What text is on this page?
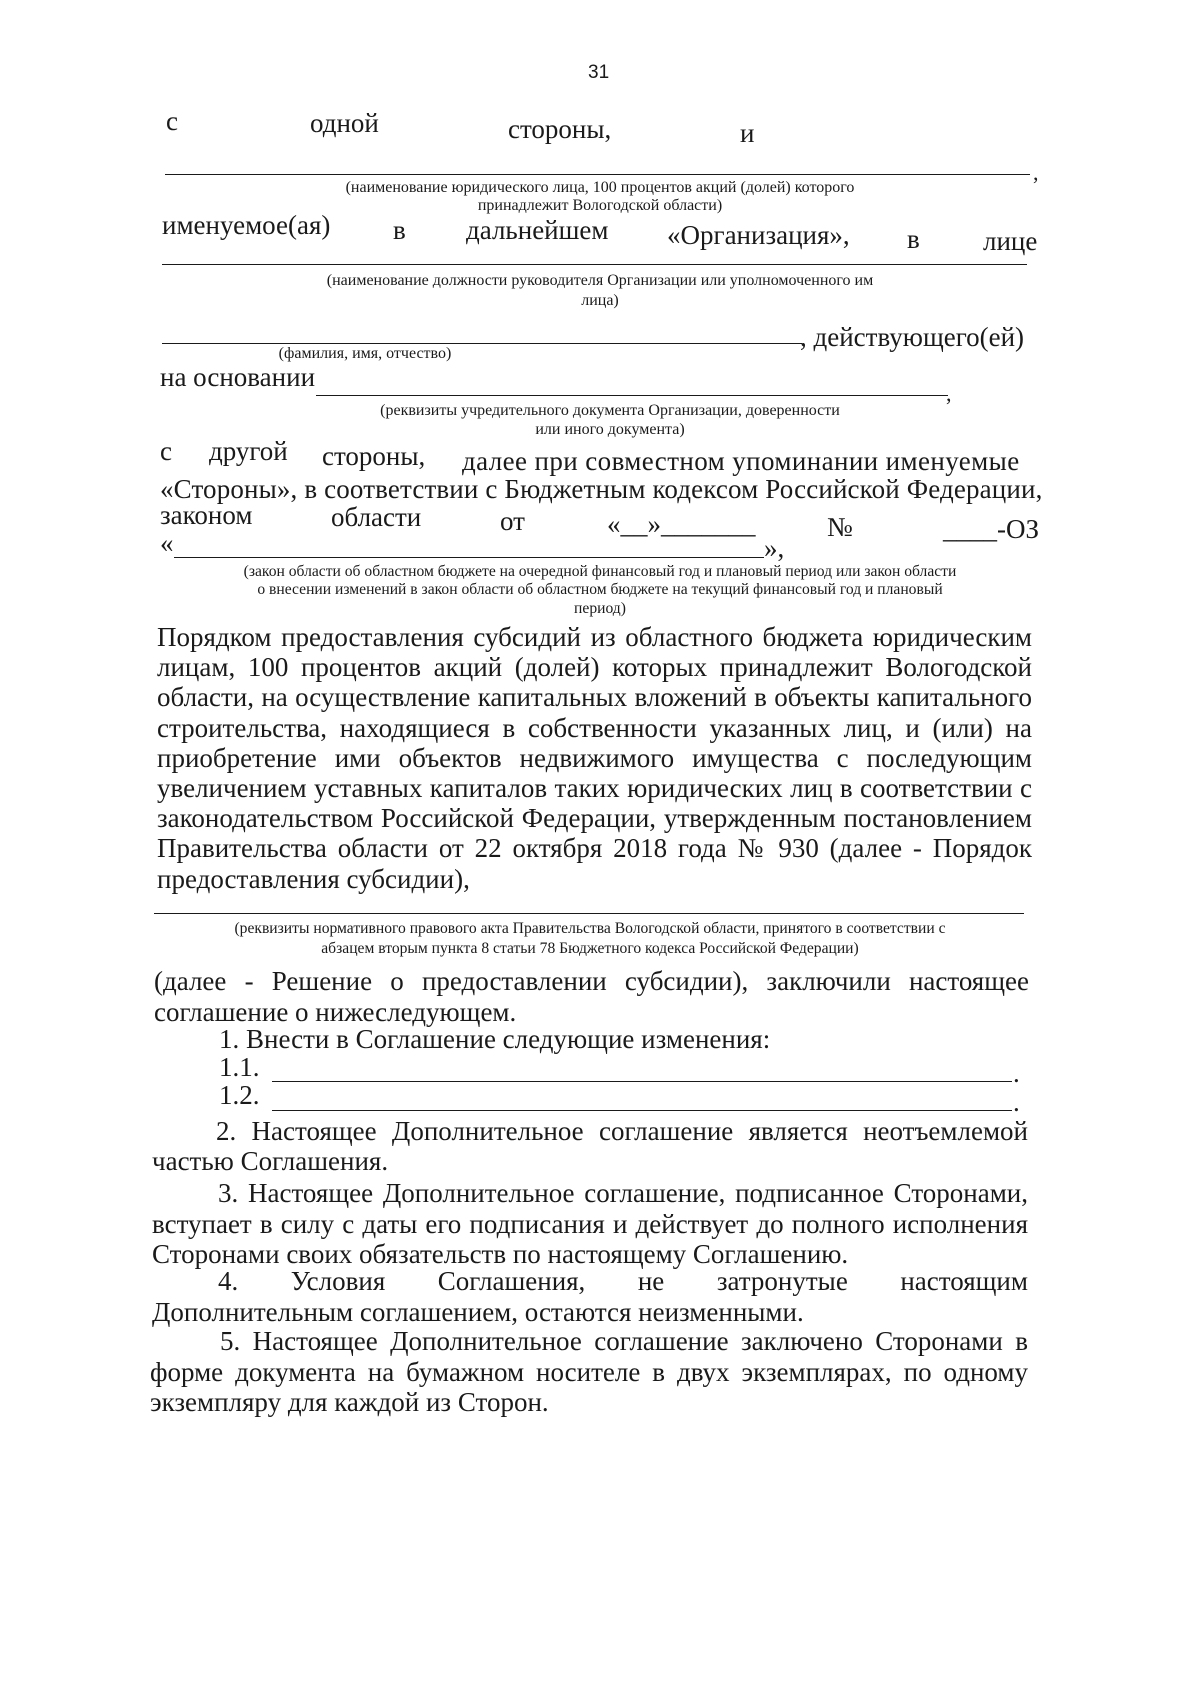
31
с	одной	стороны,	и
,
(наименование юридического лица, 100 процентов акций (долей) которого
принадлежит Вологодской области)
именуемое(ая) в дальнейшем «Организация», в лице
(наименование должности руководителя Организации или уполномоченного им
лица)
, действующего(ей)
(фамилия, имя, отчество)
на основании
,
(реквизиты учредительного документа Организации, доверенности
или иного документа)
с другой стороны, далее при совместном упоминании именуемые
«Стороны», в соответствии с Бюджетным кодексом Российской Федерации,
законом	области	от	«__»_______	№	____-ОЗ
«	»,
(закон области об областном бюджете на очередной финансовый год и плановый период или закон области
о внесении изменений в закон области об областном бюджете на текущий финансовый год и плановый
период)
Порядком предоставления субсидий из областного бюджета юридическим лицам, 100 процентов акций (долей) которых принадлежит Вологодской области, на осуществление капитальных вложений в объекты капитального строительства, находящиеся в собственности указанных лиц, и (или) на приобретение ими объектов недвижимого имущества с последующим увеличением уставных капиталов таких юридических лиц в соответствии с законодательством Российской Федерации, утвержденным постановлением Правительства области от 22 октября 2018 года № 930 (далее - Порядок предоставления субсидии),
(реквизиты нормативного правового акта Правительства Вологодской области, принятого в соответствии с
абзацем вторым пункта 8 статьи 78 Бюджетного кодекса Российской Федерации)
(далее - Решение о предоставлении субсидии), заключили настоящее соглашение о нижеследующем.
1. Внести в Соглашение следующие изменения:
1.1.	.
1.2.	.
2. Настоящее Дополнительное соглашение является неотъемлемой частью Соглашения.
3. Настоящее Дополнительное соглашение, подписанное Сторонами, вступает в силу с даты его подписания и действует до полного исполнения Сторонами своих обязательств по настоящему Соглашению.
4. Условия Соглашения, не затронутые настоящим
Дополнительным соглашением, остаются неизменными.
5. Настоящее Дополнительное соглашение заключено Сторонами в форме документа на бумажном носителе в двух экземплярах, по одному экземпляру для каждой из Сторон.
